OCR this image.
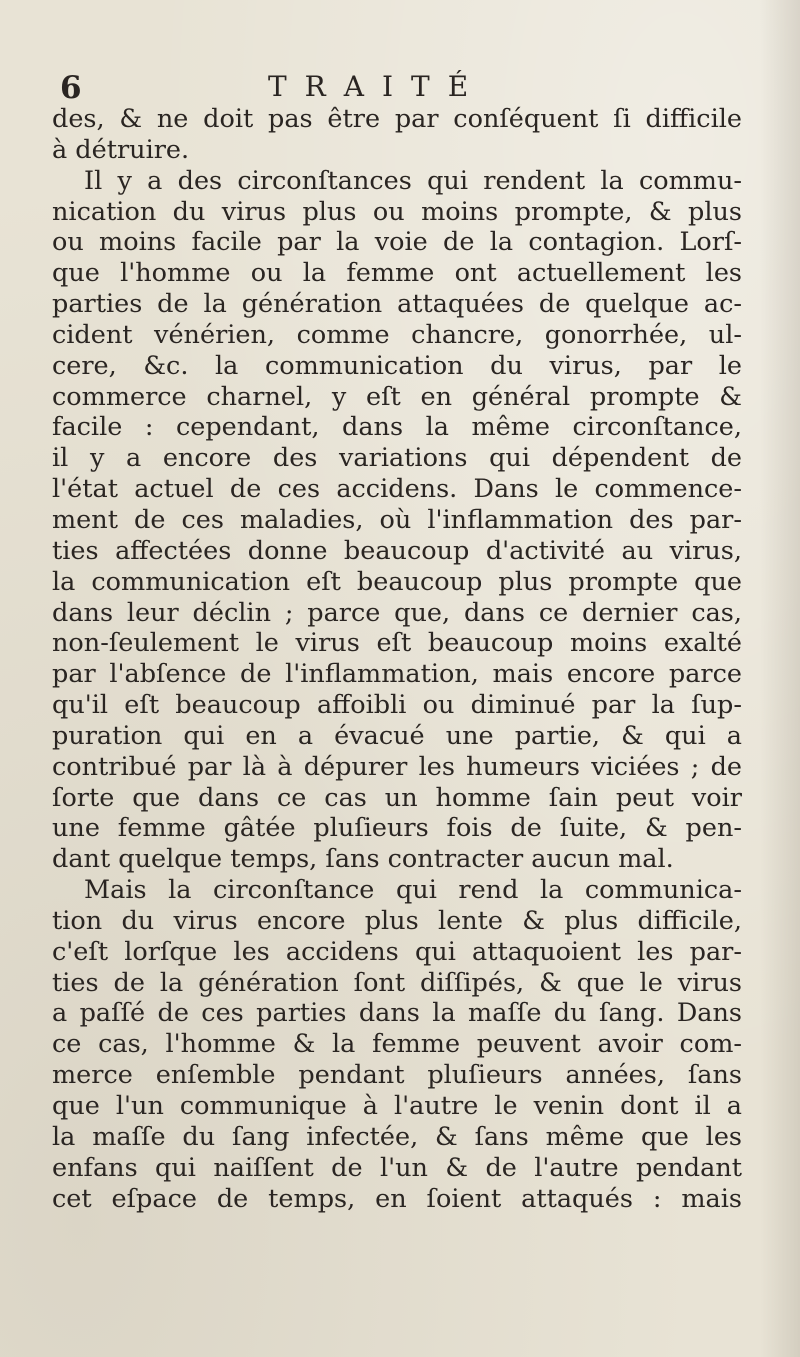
6	TRAITÉ
des, & ne doit pas être par conſéquent ſi difficile
à détruire.
Il y a des circonſtances qui rendent la commu-
nication du virus plus ou moins prompte, & plus
ou moins facile par la voie de la contagion. Lorſ-
que l'homme ou la femme ont actuellement les
parties de la génération attaquées de quelque ac-
cident vénérien, comme chancre, gonorrhée, ul-
cere, &c. la communication du virus, par le
commerce charnel, y eſt en général prompte &
facile : cependant, dans la même circonſtance,
il y a encore des variations qui dépendent de
l'état actuel de ces accidens. Dans le commence-
ment de ces maladies, où l'inflammation des par-
ties affectées donne beaucoup d'activité au virus,
la communication eſt beaucoup plus prompte que
dans leur déclin ; parce que, dans ce dernier cas,
non-ſeulement le virus eſt beaucoup moins exalté
par l'abſence de l'inflammation, mais encore parce
qu'il eſt beaucoup affoibli ou diminué par la ſup-
puration qui en a évacué une partie, & qui a
contribué par là à dépurer les humeurs viciées ; de
ſorte que dans ce cas un homme ſain peut voir
une femme gâtée pluſieurs fois de ſuite, & pen-
dant quelque temps, ſans contracter aucun mal.
Mais la circonſtance qui rend la communica-
tion du virus encore plus lente & plus difficile,
c'eſt lorſque les accidens qui attaquoient les par-
ties de la génération ſont diſſipés, & que le virus
a paſſé de ces parties dans la maſſe du ſang. Dans
ce cas, l'homme & la femme peuvent avoir com-
merce enſemble pendant pluſieurs années, ſans
que l'un communique à l'autre le venin dont il a
la maſſe du ſang infectée, & ſans même que les
enfans qui naiſſent de l'un & de l'autre pendant
cet eſpace de temps, en ſoient attaqués : mais
